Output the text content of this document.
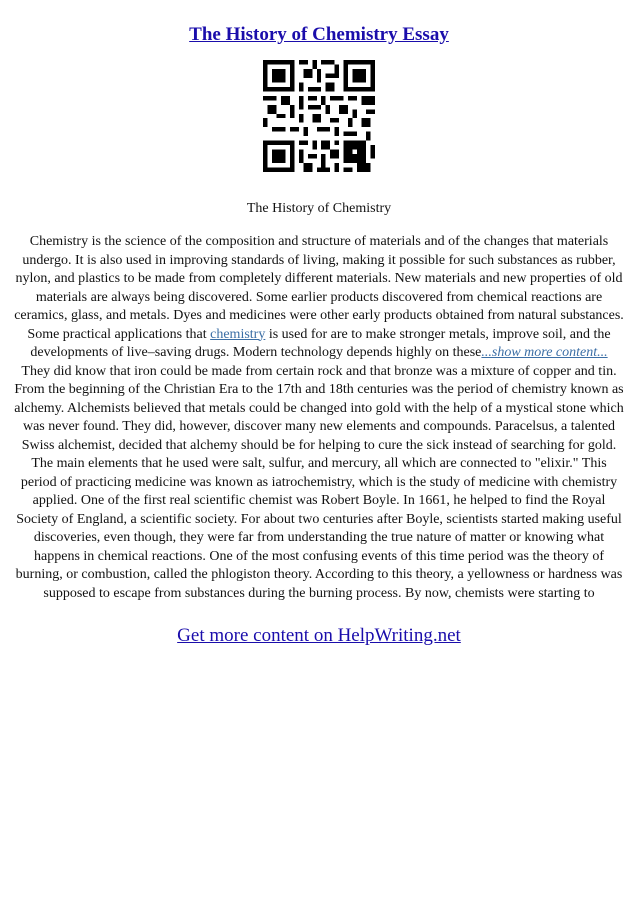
The History of Chemistry Essay
The History of Chemistry

Chemistry is the science of the composition and structure of materials and of the changes that materials undergo. It is also used in improving standards of living, making it possible for such substances as rubber, nylon, and plastics to be made from completely different materials. New materials and new properties of old materials are always being discovered. Some earlier products discovered from chemical reactions are ceramics, glass, and metals. Dyes and medicines were other early products obtained from natural substances. Some practical applications that chemistry is used for are to make stronger metals, improve soil, and the developments of live–saving drugs. Modern technology depends highly on these...show more content...

They did know that iron could be made from certain rock and that bronze was a mixture of copper and tin. From the beginning of the Christian Era to the 17th and 18th centuries was the period of chemistry known as alchemy. Alchemists believed that metals could be changed into gold with the help of a mystical stone which was never found. They did, however, discover many new elements and compounds. Paracelsus, a talented Swiss alchemist, decided that alchemy should be for helping to cure the sick instead of searching for gold. The main elements that he used were salt, sulfur, and mercury, all which are connected to "elixir." This period of practicing medicine was known as iatrochemistry, which is the study of medicine with chemistry applied. One of the first real scientific chemist was Robert Boyle. In 1661, he helped to find the Royal Society of England, a scientific society. For about two centuries after Boyle, scientists started making useful discoveries, even though, they were far from understanding the true nature of matter or knowing what happens in chemical reactions. One of the most confusing events of this time period was the theory of burning, or combustion, called the phlogiston theory. According to this theory, a yellowness or hardness was supposed to escape from substances during the burning process. By now, chemists were starting to

Get more content on HelpWriting.net
